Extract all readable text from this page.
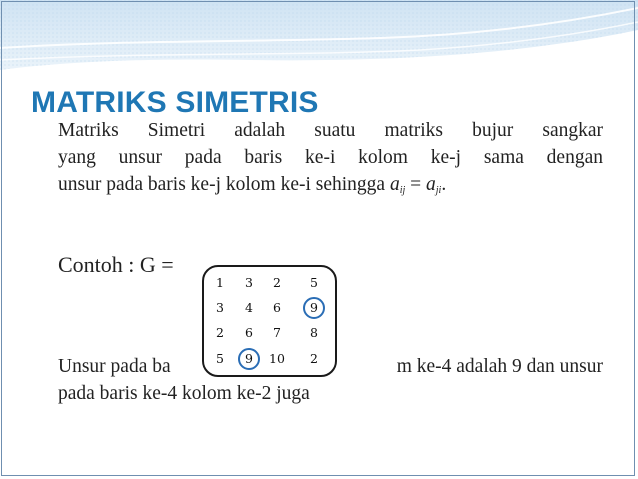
MATRIKS SIMETRIS
Matriks Simetri adalah suatu matriks bujur sangkar
yang unsur pada baris ke-i kolom ke-j sama dengan
unsur pada baris ke-j kolom ke-i sehingga $a_{ij} = a_{ji}$.
Contoh : G =
Unsur pada ba	m ke-4 adalah 9 dan unsur
pada baris ke-4 kolom ke-2 juga
1	3	2	5
3	4	6	9
2	6	7	8
5	9	10	2
